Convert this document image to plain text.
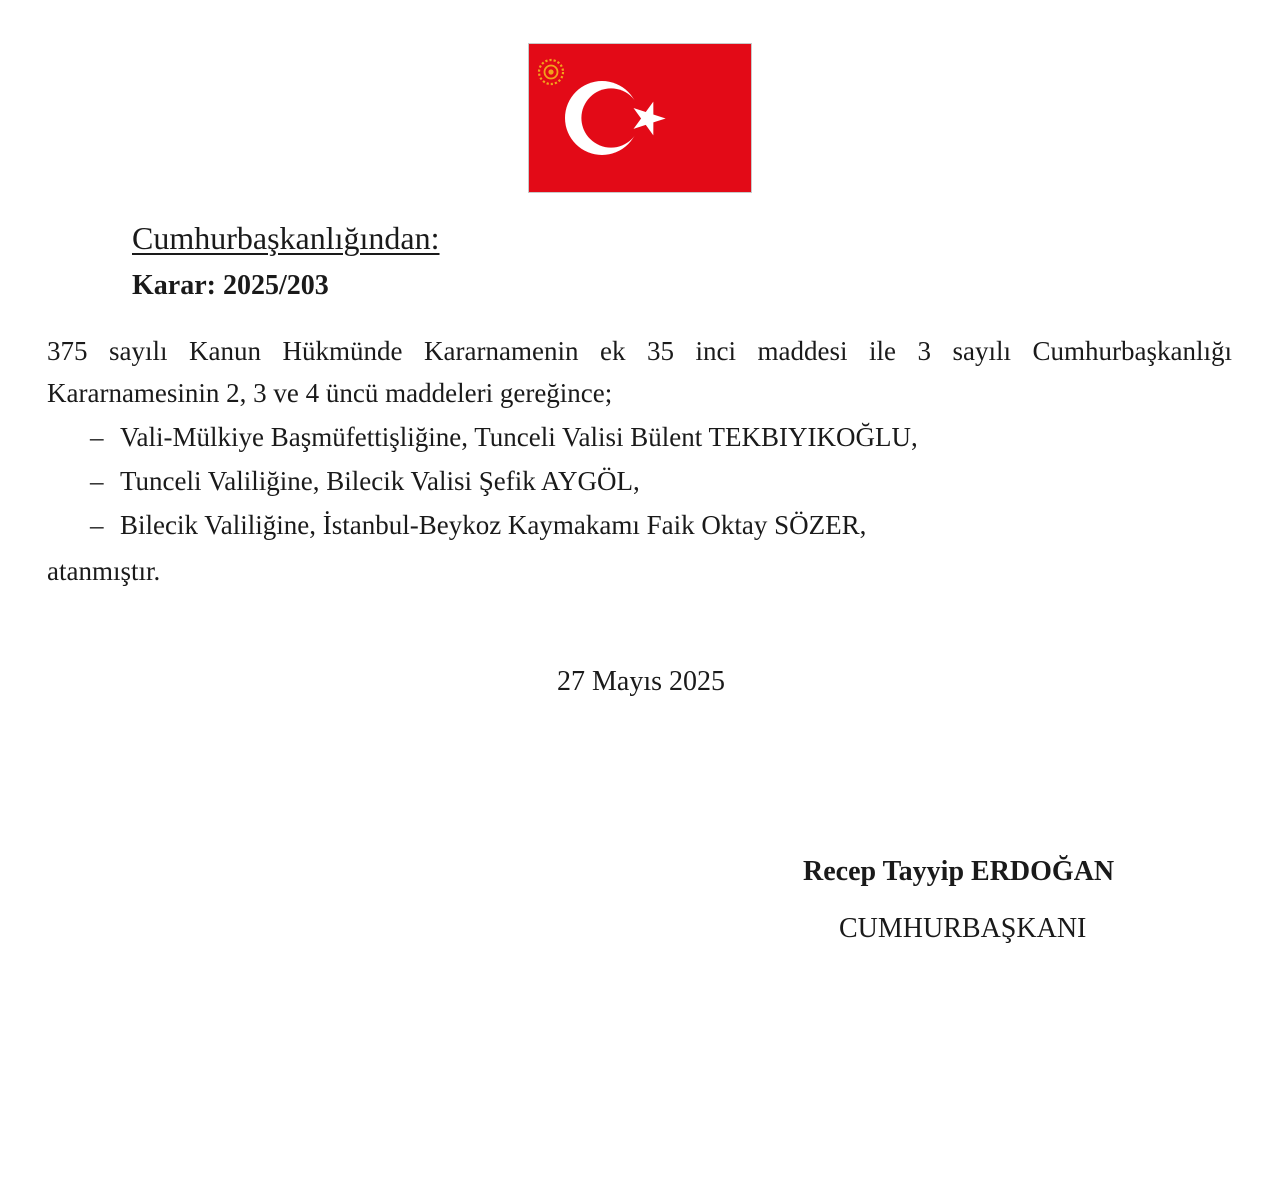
Cumhurbaşkanlığından:
Karar: 2025/203
375 sayılı Kanun Hükmünde Kararnamenin ek 35 inci maddesi ile 3 sayılı Cumhurbaşkanlığı
Kararnamesinin 2, 3 ve 4 üncü maddeleri gereğince;
– Vali-Mülkiye Başmüfettişliğine, Tunceli Valisi Bülent TEKBIYIKOĞLU,
– Tunceli Valiliğine, Bilecik Valisi Şefik AYGÖL,
– Bilecik Valiliğine, İstanbul-Beykoz Kaymakamı Faik Oktay SÖZER,
atanmıştır.
27 Mayıs 2025
Recep Tayyip ERDOĞAN
CUMHURBAŞKANI
